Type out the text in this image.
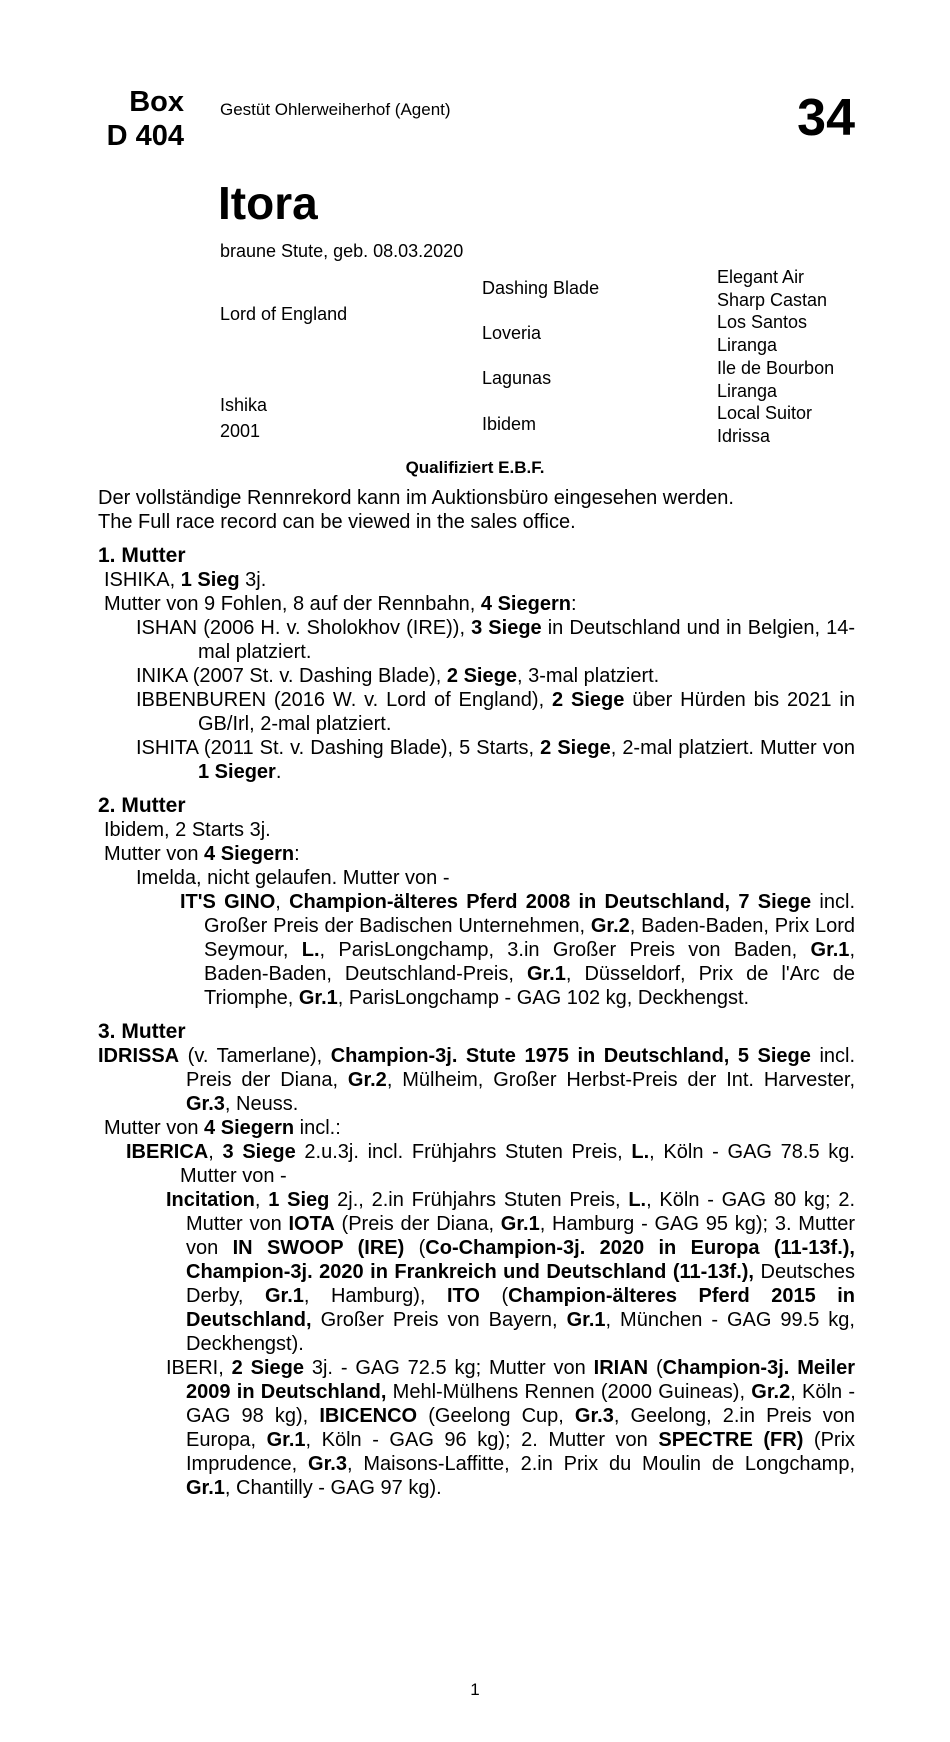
Box
D 404
Gestüt Ohlerweiherhof (Agent)	34
Itora
braune Stute, geb. 08.03.2020
Lord of England
Ishika
2001
Dashing Blade
Loveria
Lagunas
Ibidem
Elegant Air
Sharp Castan
Los Santos
Liranga
Ile de Bourbon
Liranga
Local Suitor
Idrissa
Qualifiziert E.B.F.
Der vollständige Rennrekord kann im Auktionsbüro eingesehen werden.
The Full race record can be viewed in the sales office.
1. Mutter
ISHIKA, 1 Sieg 3j.
Mutter von 9 Fohlen, 8 auf der Rennbahn, 4 Siegern:
ISHAN (2006 H. v. Sholokhov (IRE)), 3 Siege in Deutschland und in Belgien, 14-mal platziert.
INIKA (2007 St. v. Dashing Blade), 2 Siege, 3-mal platziert.
IBBENBUREN (2016 W. v. Lord of England), 2 Siege über Hürden bis 2021 in GB/Irl, 2-mal platziert.
ISHITA (2011 St. v. Dashing Blade), 5 Starts, 2 Siege, 2-mal platziert. Mutter von 1 Sieger.
2. Mutter
Ibidem, 2 Starts 3j.
Mutter von 4 Siegern:
Imelda, nicht gelaufen. Mutter von -
IT'S GINO, Champion-älteres Pferd 2008 in Deutschland, 7 Siege incl. Großer Preis der Badischen Unternehmen, Gr.2, Baden-Baden, Prix Lord Seymour, L., ParisLongchamp, 3.in Großer Preis von Baden, Gr.1, Baden-Baden, Deutschland-Preis, Gr.1, Düsseldorf, Prix de l'Arc de Triomphe, Gr.1, ParisLongchamp - GAG 102 kg, Deckhengst.
3. Mutter
IDRISSA (v. Tamerlane), Champion-3j. Stute 1975 in Deutschland, 5 Siege incl. Preis der Diana, Gr.2, Mülheim, Großer Herbst-Preis der Int. Harvester, Gr.3, Neuss.
Mutter von 4 Siegern incl.:
IBERICA, 3 Siege 2.u.3j. incl. Frühjahrs Stuten Preis, L., Köln - GAG 78.5 kg. Mutter von -
Incitation, 1 Sieg 2j., 2.in Frühjahrs Stuten Preis, L., Köln - GAG 80 kg; 2. Mutter von IOTA (Preis der Diana, Gr.1, Hamburg - GAG 95 kg); 3. Mutter von IN SWOOP (IRE) (Co-Champion-3j. 2020 in Europa (11-13f.), Champion-3j. 2020 in Frankreich und Deutschland (11-13f.), Deutsches Derby, Gr.1, Hamburg), ITO (Champion-älteres Pferd 2015 in Deutschland, Großer Preis von Bayern, Gr.1, München - GAG 99.5 kg, Deckhengst).
IBERI, 2 Siege 3j. - GAG 72.5 kg; Mutter von IRIAN (Champion-3j. Meiler 2009 in Deutschland, Mehl-Mülhens Rennen (2000 Guineas), Gr.2, Köln - GAG 98 kg), IBICENCO (Geelong Cup, Gr.3, Geelong, 2.in Preis von Europa, Gr.1, Köln - GAG 96 kg); 2. Mutter von SPECTRE (FR) (Prix Imprudence, Gr.3, Maisons-Laffitte, 2.in Prix du Moulin de Longchamp, Gr.1, Chantilly - GAG 97 kg).
1
